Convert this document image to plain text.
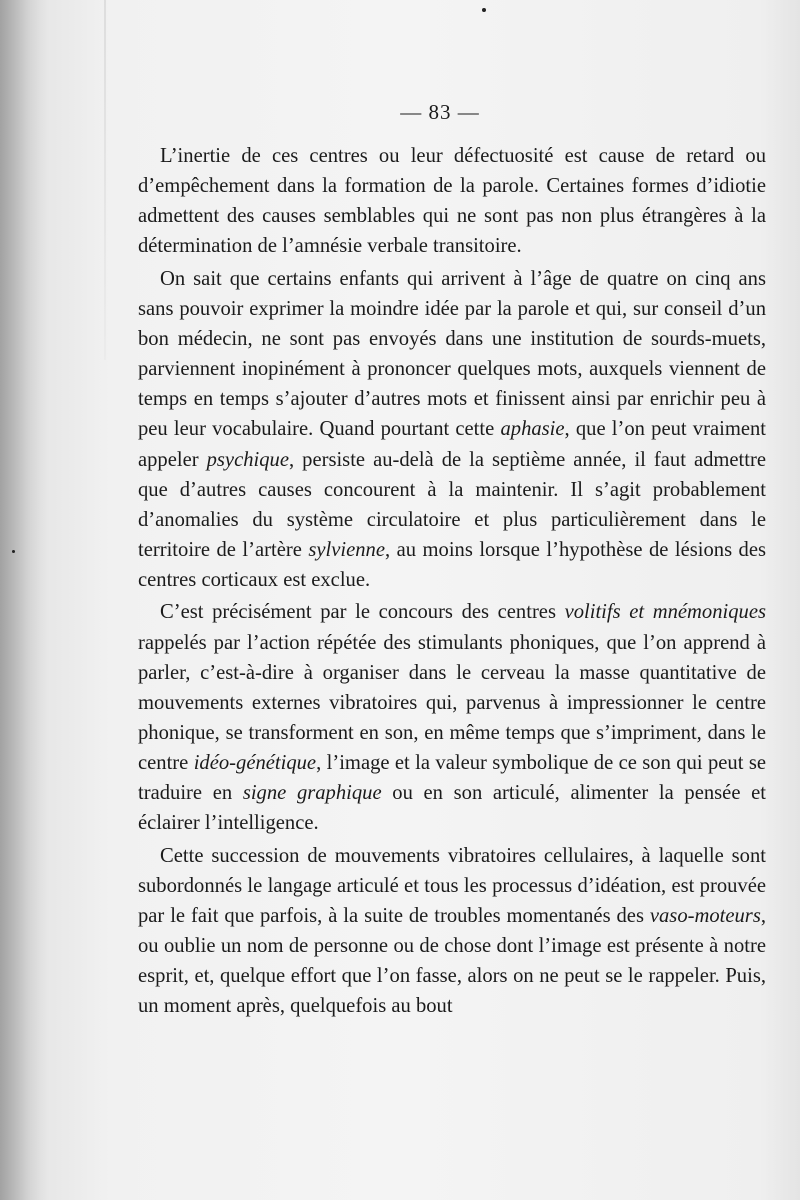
— 83 —

L’inertie de ces centres ou leur défectuosité est cause de retard ou d’empêchement dans la formation de la parole. Certaines formes d’idiotie admettent des causes semblables qui ne sont pas non plus étrangères à la détermination de l’amnésie verbale transitoire.

On sait que certains enfants qui arrivent à l’âge de quatre on cinq ans sans pouvoir exprimer la moindre idée par la parole et qui, sur conseil d’un bon médecin, ne sont pas envoyés dans une institution de sourds-muets, parviennent inopinément à prononcer quelques mots, auxquels viennent de temps en temps s’ajouter d’autres mots et finissent ainsi par enrichir peu à peu leur vocabulaire. Quand pourtant cette aphasie, que l’on peut vraiment appeler psychique, persiste au-delà de la septième année, il faut admettre que d’autres causes concourent à la maintenir. Il s’agit probablement d’anomalies du système circulatoire et plus particulièrement dans le territoire de l’artère sylvienne, au moins lorsque l’hypothèse de lésions des centres corticaux est exclue.

C’est précisément par le concours des centres volitifs et mnémoniques rappelés par l’action répétée des stimulants phoniques, que l’on apprend à parler, c’est-à-dire à organiser dans le cerveau la masse quantitative de mouvements externes vibratoires qui, parvenus à impressionner le centre phonique, se transforment en son, en même temps que s’impriment, dans le centre idéo-génétique, l’image et la valeur symbolique de ce son qui peut se traduire en signe graphique ou en son articulé, alimenter la pensée et éclairer l’intelligence.

Cette succession de mouvements vibratoires cellulaires, à laquelle sont subordonnés le langage articulé et tous les processus d’idéation, est prouvée par le fait que parfois, à la suite de troubles momentanés des vaso-moteurs, ou oublie un nom de personne ou de chose dont l’image est présente à notre esprit, et, quelque effort que l’on fasse, alors on ne peut se le rappeler. Puis, un moment après, quelquefois au bout
